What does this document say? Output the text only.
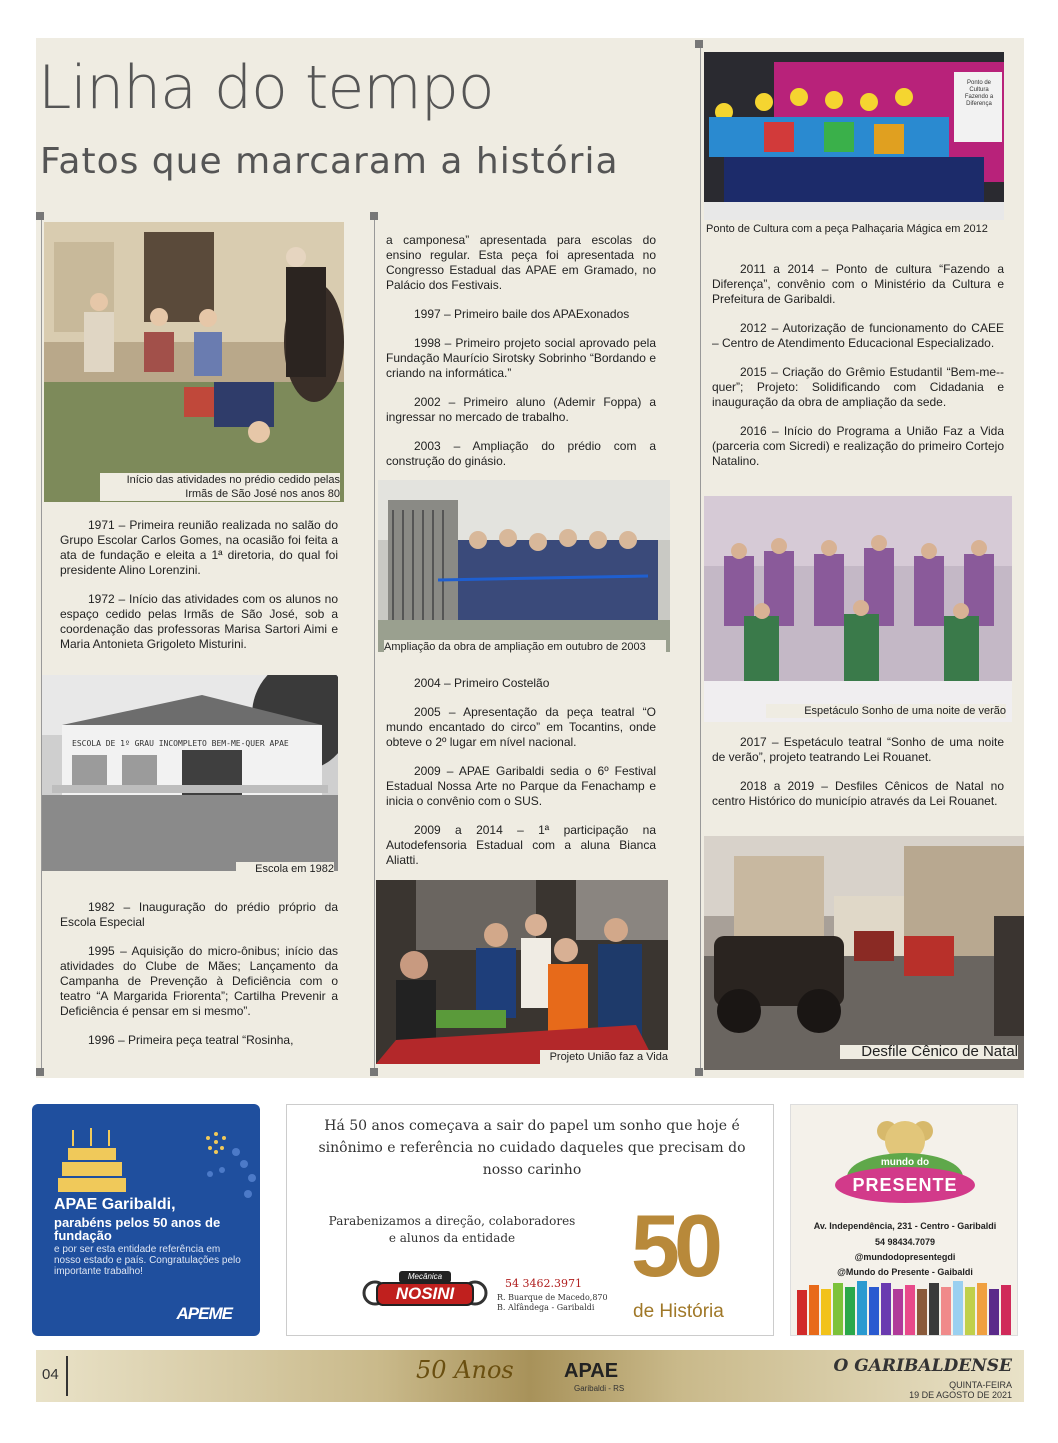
Linha do tempo
Fatos que marcaram a história
Início das atividades no prédio cedido pelas
Irmãs de São José nos anos 80

1971 – Primeira reunião realizada no salão do Grupo Escolar Carlos Gomes, na ocasião foi feita a ata de fundação e eleita a 1ª diretoria, do qual foi presidente Alino Lorenzini.

1972 – Início das atividades com os alunos no espaço cedido pelas Irmãs de São José, sob a coordenação das professoras Marisa Sartori Aimi e Maria Antonieta Grigoleto Misturini.

ESCOLA DE 1º GRAU INCOMPLETO BEM-ME-QUER APAE
Escola em 1982

1982 – Inauguração do prédio próprio da Escola Especial

1995 – Aquisição do micro-ônibus; início das atividades do Clube de Mães; Lançamento da Campanha de Prevenção à Deficiência com o teatro “A Margarida Friorenta”; Cartilha Prevenir a Deficiência é pensar em si mesmo”.

1996 – Primeira peça teatral “Rosinha,

a camponesa” apresentada para escolas do ensino regular. Esta peça foi apresentada no Congresso Estadual das APAE em Gramado, no Palácio dos Festivais.

1997 – Primeiro baile dos APAExonados

1998 – Primeiro projeto social aprovado pela Fundação Maurício Sirotsky Sobrinho “Bordando e criando na informática.”

2002 – Primeiro aluno (Ademir Foppa) a ingressar no mercado de trabalho.

2003 – Ampliação do prédio com a construção do ginásio.

Ampliação da obra de ampliação em outubro de 2003

2004 – Primeiro Costelão

2005 – Apresentação da peça teatral “O mundo encantado do circo” em Tocantins, onde obteve o 2º lugar em nível nacional.

2009 – APAE Garibaldi sedia o 6º Festival Estadual Nossa Arte no Parque da Fenachamp e inicia o convênio com o SUS.

2009 a 2014 – 1ª participação na Autodefensoria Estadual com a aluna Bianca Aliatti.

Projeto União faz a Vida
Ponto de Cultura
Fazendo a Diferença
Ponto de Cultura com a peça Palhaçaria Mágica em 2012

2011 a 2014 – Ponto de cultura “Fazendo a Diferença”, convênio com o Ministério da Cultura e Prefeitura de Garibaldi.

2012 – Autorização de funcionamento do CAEE – Centro de Atendimento Educacional Especializado.

2015 – Criação do Grêmio Estudantil “Bem-me--quer”; Projeto: Solidificando com Cidadania e inauguração da obra de ampliação da sede.

2016 – Início do Programa a União Faz a Vida (parceria com Sicredi) e realização do primeiro Cortejo Natalino.

Espetáculo Sonho de uma noite de verão

2017 – Espetáculo teatral “Sonho de uma noite de verão”, projeto teatrando Lei Rouanet.

2018 a 2019 – Desfiles Cênicos de Natal no centro Histórico do município através da Lei Rouanet.

Desfile Cênico de Natal
APAE Garibaldi,
parabéns pelos 50 anos de fundação
e por ser esta entidade referência em nosso estado e país. Congratulações pelo importante trabalho!
APEME
Há 50 anos começava a sair do papel um sonho que hoje é sinônimo e referência no cuidado daqueles que precisam do nosso carinho
Parabenizamos a direção, colaboradores e alunos da entidade
Mecânica
NOSINI
54 3462.3971
R. Buarque de Macedo,870
B. Alfândega - Garibaldi
50
de História
mundo do
PRESENTE
Av. Independência, 231 - Centro - Garibaldi
54 98434.7079
@mundodopresentegdi
@Mundo do Presente - Gaibaldi
04	50 Anos	APAE
Garibaldi - RS
O GARIBALDENSE
QUINTA-FEIRA
19 DE AGOSTO DE 2021
